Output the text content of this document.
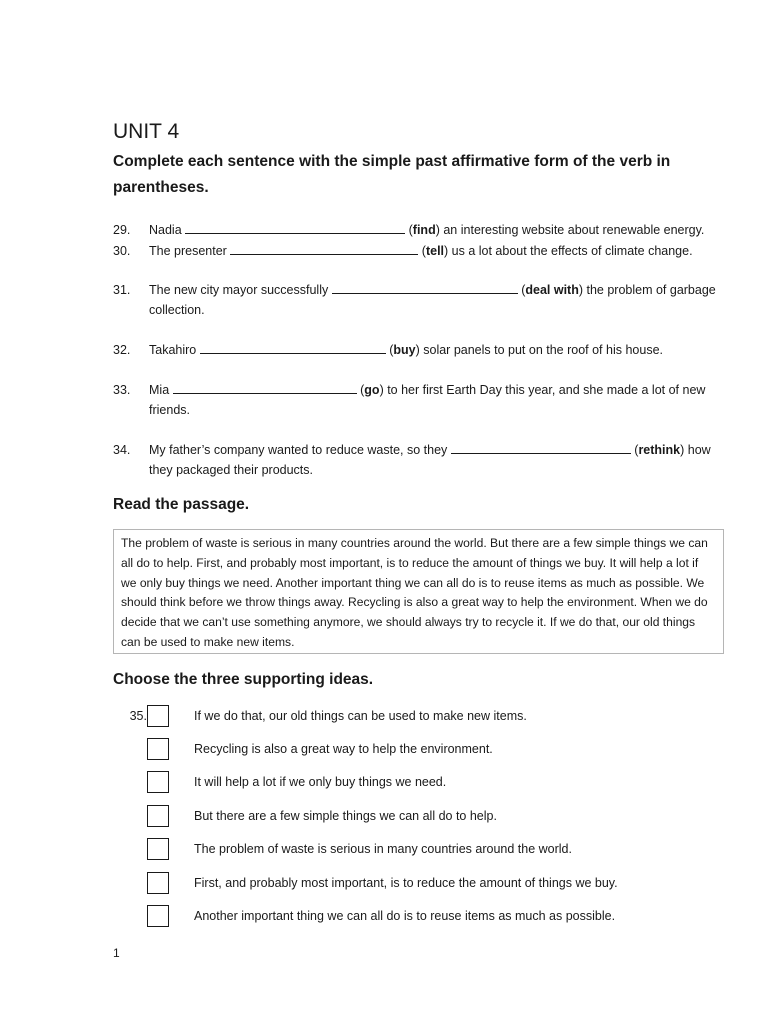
UNIT 4
Complete each sentence with the simple past affirmative form of the verb in parentheses.
29.	Nadia	(find) an interesting website about renewable energy.
30.	The presenter	(tell) us a lot about the effects of climate change.
31.	The new city mayor successfully	(deal with) the problem of garbage collection.
32.	Takahiro	(buy) solar panels to put on the roof of his house.
33.	Mia	(go) to her first Earth Day this year, and she made a lot of new friends.
34.	My father’s company wanted to reduce waste, so they	(rethink) how they packaged their products.
Read the passage.
The problem of waste is serious in many countries around the world. But there are a few simple things we can all do to help. First, and probably most important, is to reduce the amount of things we buy. It will help a lot if we only buy things we need. Another important thing we can all do is to reuse items as much as possible. We should think before we throw things away. Recycling is also a great way to help the environment. When we do decide that we can’t use something anymore, we should always try to recycle it. If we do that, our old things can be used to make new items.
Choose the three supporting ideas.
35.	If we do that, our old things can be used to make new items.
Recycling is also a great way to help the environment.
It will help a lot if we only buy things we need.
But there are a few simple things we can all do to help.
The problem of waste is serious in many countries around the world.
First, and probably most important, is to reduce the amount of things we buy.
Another important thing we can all do is to reuse items as much as possible.
1
